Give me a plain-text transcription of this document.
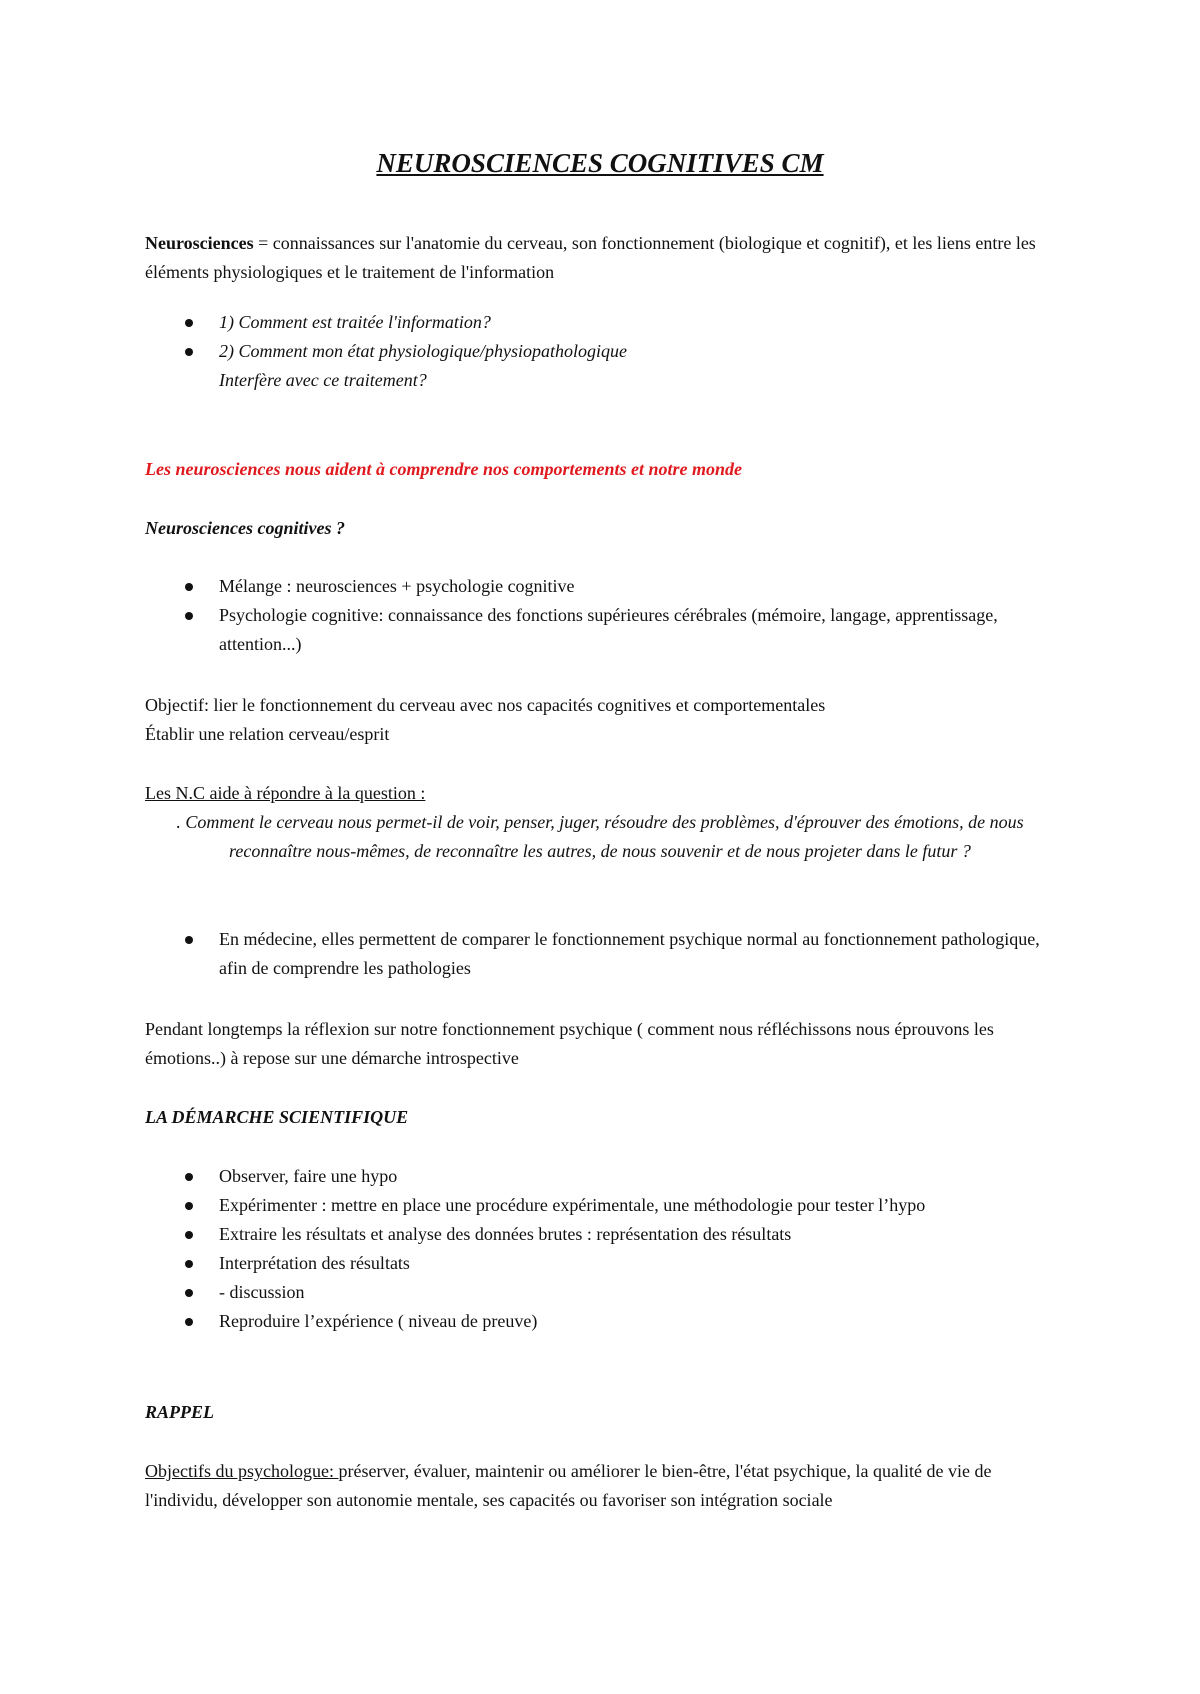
NEUROSCIENCES COGNITIVES CM

Neurosciences = connaissances sur l'anatomie du cerveau, son fonctionnement (biologique et cognitif), et les liens entre les éléments physiologiques et le traitement de l'information

1) Comment est traitée l'information?
2) Comment mon état physiologique/physiopathologique
Interfère avec ce traitement?

Les neurosciences nous aident à comprendre nos comportements et notre monde

Neurosciences cognitives ?

Mélange : neurosciences + psychologie cognitive
Psychologie cognitive: connaissance des fonctions supérieures cérébrales (mémoire, langage, apprentissage, attention...)

Objectif: lier le fonctionnement du cerveau avec nos capacités cognitives et comportementales
Établir une relation cerveau/esprit

Les N.C aide à répondre à la question :

. Comment le cerveau nous permet-il de voir, penser, juger, résoudre des problèmes, d'éprouver des émotions, de nous reconnaître nous-mêmes, de reconnaître les autres, de nous souvenir et de nous projeter dans le futur ?

En médecine, elles permettent de comparer le fonctionnement psychique normal au fonctionnement pathologique, afin de comprendre les pathologies

Pendant longtemps la réflexion sur notre fonctionnement psychique ( comment nous réfléchissons nous éprouvons les émotions..) à repose sur une démarche introspective

LA DÉMARCHE SCIENTIFIQUE

Observer, faire une hypo
Expérimenter : mettre en place une procédure expérimentale, une méthodologie pour tester l’hypo
Extraire les résultats et analyse des données brutes : représentation des résultats
Interprétation des résultats
- discussion
Reproduire l’expérience ( niveau de preuve)

RAPPEL

Objectifs du psychologue: préserver, évaluer, maintenir ou améliorer le bien-être, l'état psychique, la qualité de vie de l'individu, développer son autonomie mentale, ses capacités ou favoriser son intégration sociale
